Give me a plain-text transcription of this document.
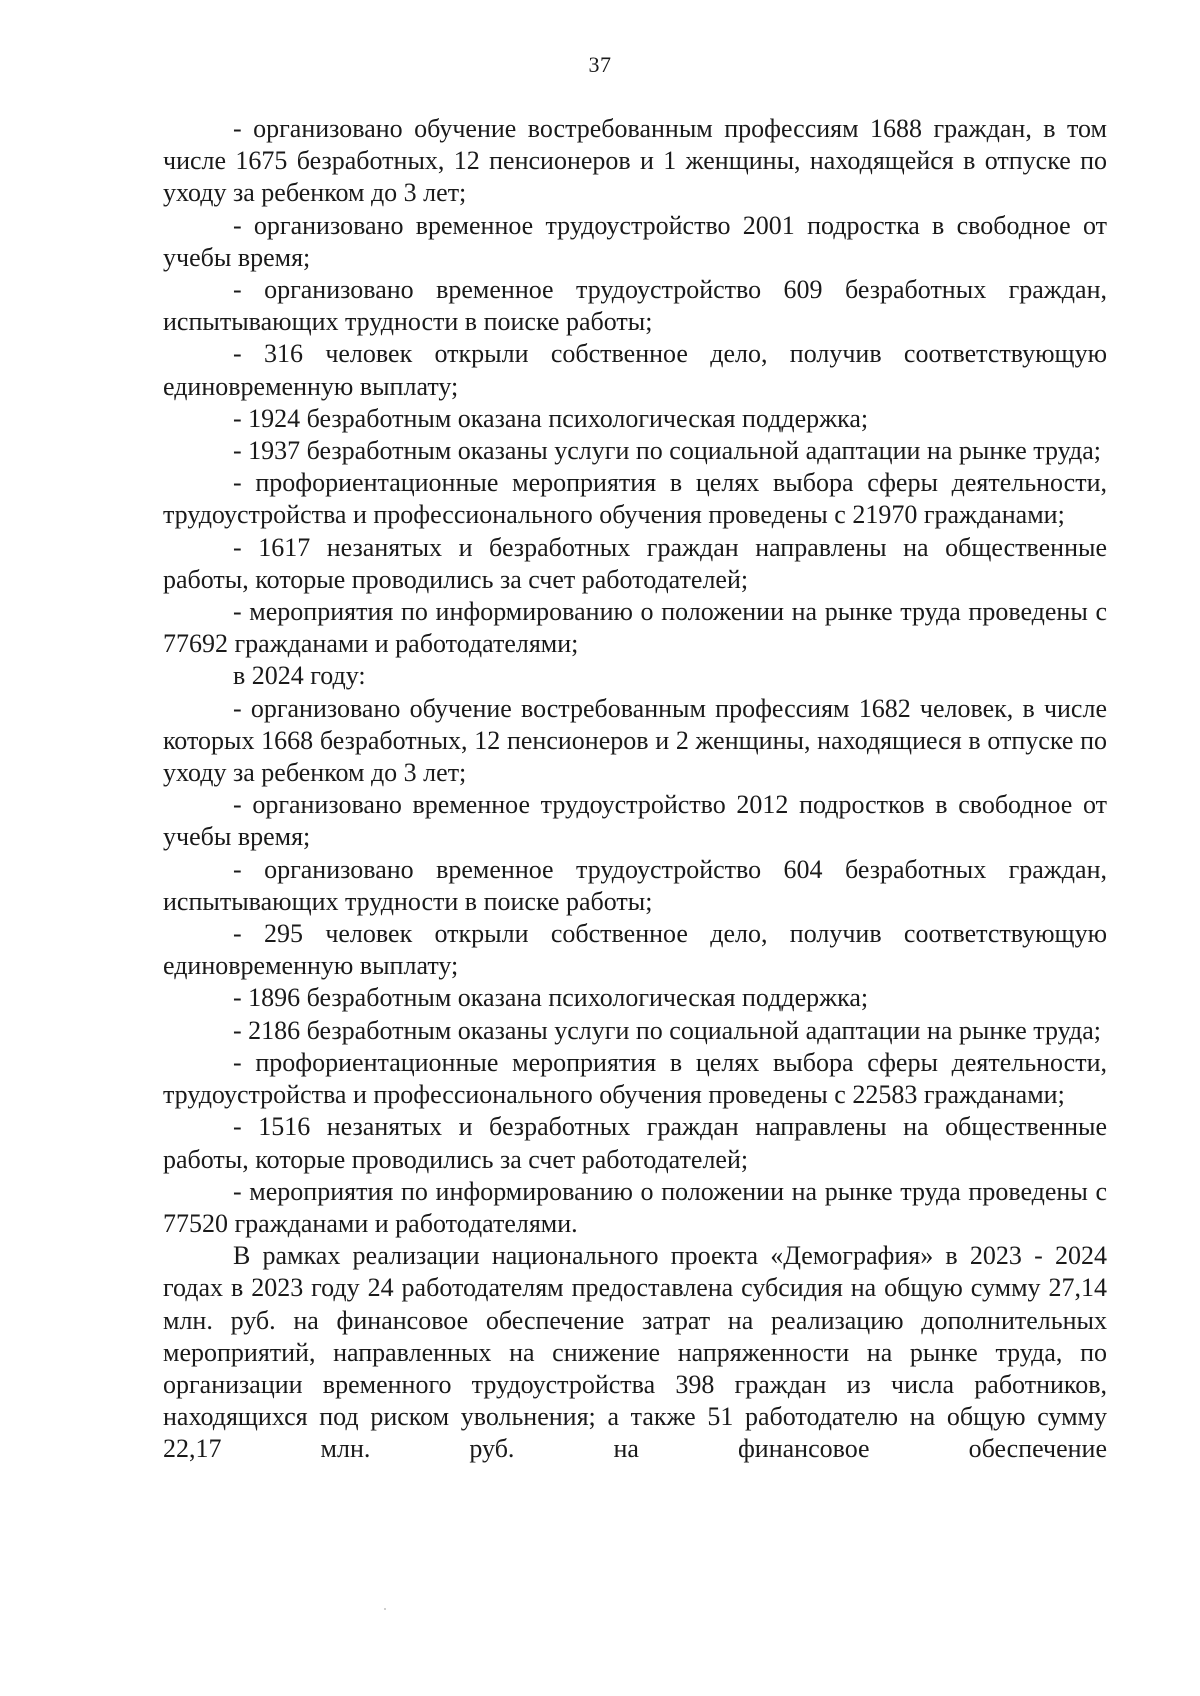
37

- организовано обучение востребованным профессиям 1688 граждан, в том числе 1675 безработных, 12 пенсионеров и 1 женщины, находящейся в отпуске по уходу за ребенком до 3 лет;

- организовано временное трудоустройство 2001 подростка в свободное от учебы время;

- организовано временное трудоустройство 609 безработных граждан, испытывающих трудности в поиске работы;

- 316 человек открыли собственное дело, получив соответствующую единовременную выплату;

- 1924 безработным оказана психологическая поддержка;

- 1937 безработным оказаны услуги по социальной адаптации на рынке труда;

- профориентационные мероприятия в целях выбора сферы деятельности, трудоустройства и профессионального обучения проведены с 21970 гражданами;

- 1617 незанятых и безработных граждан направлены на общественные работы, которые проводились за счет работодателей;

- мероприятия по информированию о положении на рынке труда проведены с 77692 гражданами и работодателями;

в 2024 году:

- организовано обучение востребованным профессиям 1682 человек, в числе которых 1668 безработных, 12 пенсионеров и 2 женщины, находящиеся в отпуске по уходу за ребенком до 3 лет;

- организовано временное трудоустройство 2012 подростков в свободное от учебы время;

- организовано временное трудоустройство 604 безработных граждан, испытывающих трудности в поиске работы;

- 295 человек открыли собственное дело, получив соответствующую единовременную выплату;

- 1896 безработным оказана психологическая поддержка;

- 2186 безработным оказаны услуги по социальной адаптации на рынке труда;

- профориентационные мероприятия в целях выбора сферы деятельности, трудоустройства и профессионального обучения проведены с 22583 гражданами;

- 1516 незанятых и безработных граждан направлены на общественные работы, которые проводились за счет работодателей;

- мероприятия по информированию о положении на рынке труда проведены с 77520 гражданами и работодателями.

В рамках реализации национального проекта «Демография» в 2023 - 2024 годах в 2023 году 24 работодателям предоставлена субсидия на общую сумму 27,14 млн. руб. на финансовое обеспечение затрат на реализацию дополнительных мероприятий, направленных на снижение напряженности на рынке труда, по организации временного трудоустройства 398 граждан из числа работников, находящихся под риском увольнения; а также 51 работодателю на общую сумму 22,17 млн. руб. на финансовое обеспечение
